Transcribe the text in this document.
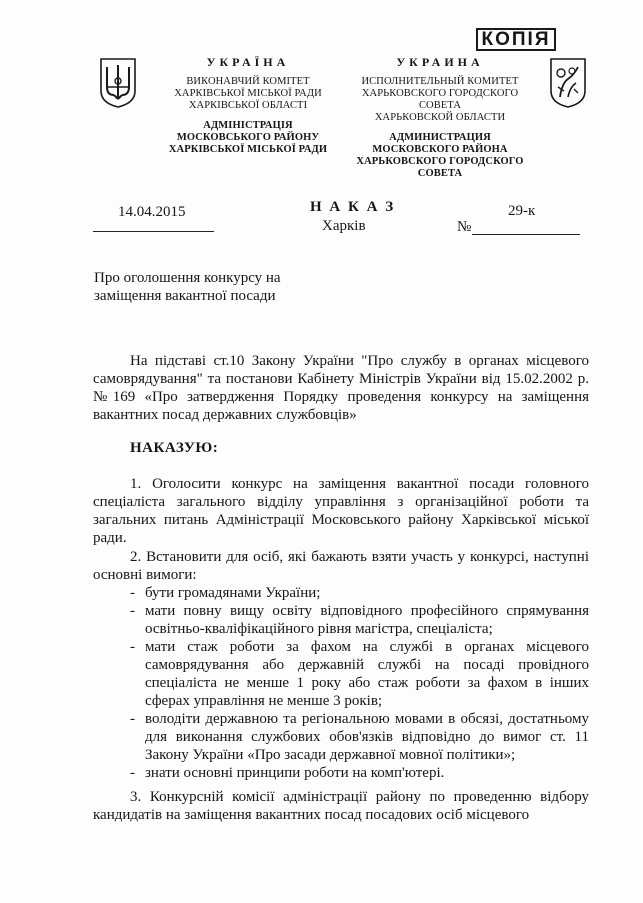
КОПІЯ
УКРАЇНА
ВИКОНАВЧИЙ КОМІТЕТ
ХАРКІВСЬКОЇ МІСЬКОЇ РАДИ
ХАРКІВСЬКОЇ ОБЛАСТІ
АДМІНІСТРАЦІЯ
МОСКОВСЬКОГО РАЙОНУ
ХАРКІВСЬКОЇ МІСЬКОЇ РАДИ
УКРАИНА
ИСПОЛНИТЕЛЬНЫЙ КОМИТЕТ
ХАРЬКОВСКОГО ГОРОДСКОГО СОВЕТА
ХАРЬКОВСКОЙ ОБЛАСТИ
АДМИНИСТРАЦИЯ
МОСКОВСКОГО РАЙОНА
ХАРЬКОВСКОГО ГОРОДСКОГО СОВЕТА
14.04.2015	Н А К А З
Харків
29-к
№
Про оголошення конкурсу на
заміщення вакантної посади
На підставі ст.10 Закону України "Про службу в органах місцевого самоврядування" та постанови Кабінету Міністрів України від 15.02.2002 р. №169 «Про затвердження Порядку проведення конкурсу на заміщення вакантних посад державних службовців»
НАКАЗУЮ:
1. Оголосити конкурс на заміщення вакантної посади головного спеціаліста загального відділу управління з організаційної роботи та загальних питань Адміністрації Московського району Харківської міської ради.
2. Встановити для осіб, які бажають взяти участь у конкурсі, наступні основні вимоги:
- бути громадянами України;
- мати повну вищу освіту відповідного професійного спрямування освітньо-кваліфікаційного рівня магістра, спеціаліста;
- мати стаж роботи за фахом на службі в органах місцевого самоврядування або державній службі на посаді провідного спеціаліста не менше 1 року або стаж роботи за фахом в інших сферах управління не менше 3 років;
- володіти державною та регіональною мовами в обсязі, достатньому для виконання службових обов'язків відповідно до вимог ст. 11 Закону України «Про засади державної мовної політики»;
- знати основні принципи роботи на комп'ютері.
3. Конкурсній комісії адміністрації району по проведенню відбору кандидатів на заміщення вакантних посад посадових осіб місцевого
